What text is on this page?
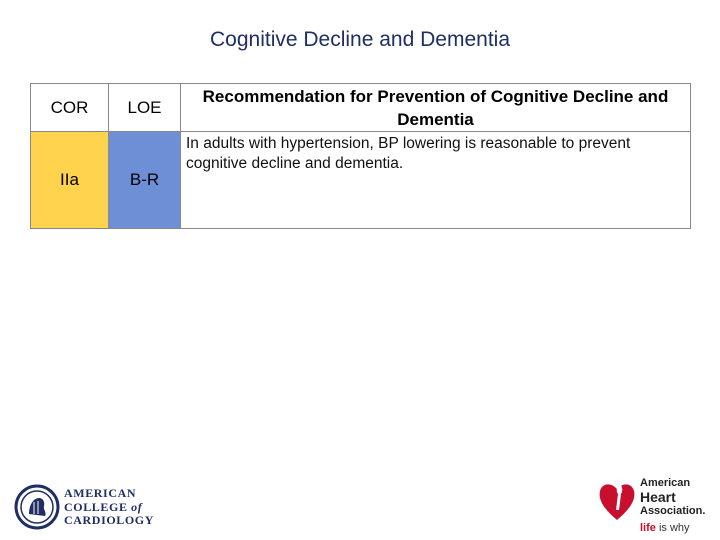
Cognitive Decline and Dementia
COR	LOE	Recommendation for Prevention of Cognitive Decline and Dementia
IIa	B-R	In adults with hypertension, BP lowering is reasonable to prevent cognitive decline and dementia.
AMERICAN
COLLEGE of
CARDIOLOGY
American
Heart
Association.
life is why
